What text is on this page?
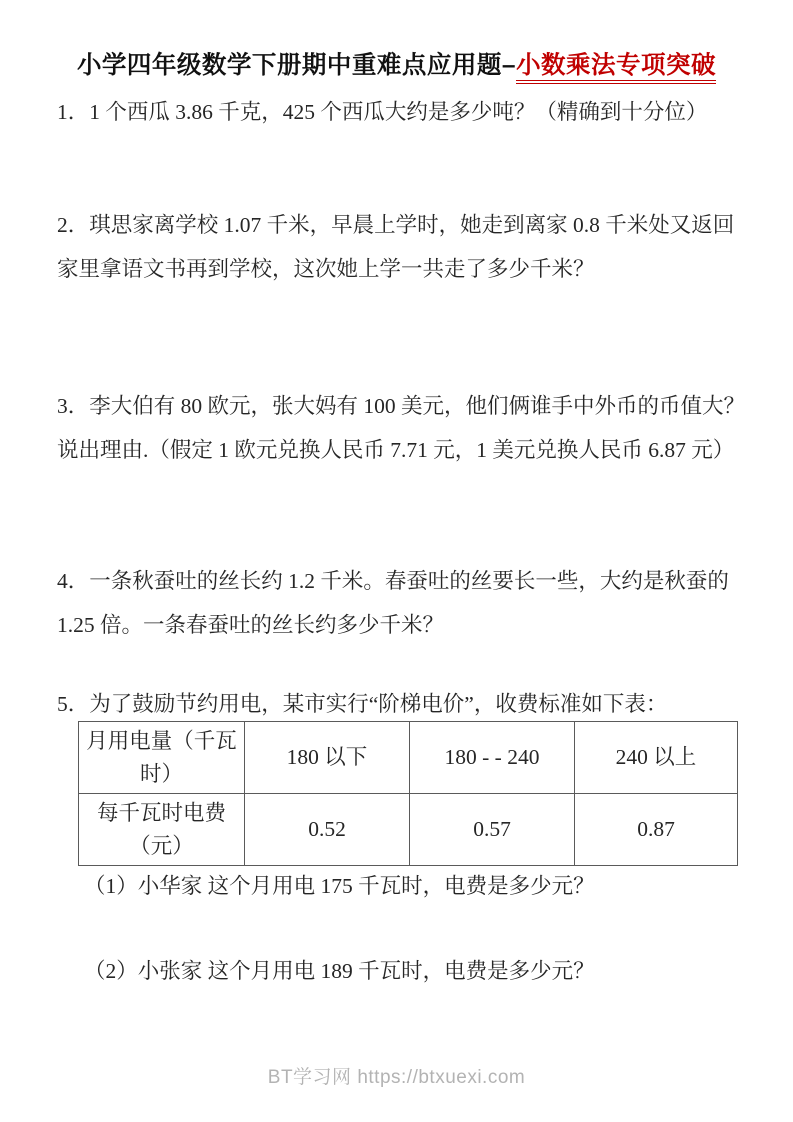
小学四年级数学下册期中重难点应用题–小数乘法专项突破

1．1 个西瓜 3.86 千克，425 个西瓜大约是多少吨？（精确到十分位）

2．琪思家离学校 1.07 千米，早晨上学时，她走到离家 0.8 千米处又返回
家里拿语文书再到学校，这次她上学一共走了多少千米？

3．李大伯有 80 欧元，张大妈有 100 美元，他们俩谁手中外币的币值大？
说出理由.（假定 1 欧元兑换人民币 7.71 元，1 美元兑换人民币 6.87 元）

4．一条秋蚕吐的丝长约 1.2 千米。春蚕吐的丝要长一些，大约是秋蚕的
1.25 倍。一条春蚕吐的丝长约多少千米？

5．为了鼓励节约用电，某市实行“阶梯电价”，收费标准如下表：

月用电量（千瓦
时）	180 以下	180 - - 240	240 以上
每千瓦时电费
（元）	0.52	0.57	0.87

（1）小华家 这个月用电 175 千瓦时，电费是多少元？

（2）小张家 这个月用电 189 千瓦时，电费是多少元？

BT学习网 https://btxuexi.com
